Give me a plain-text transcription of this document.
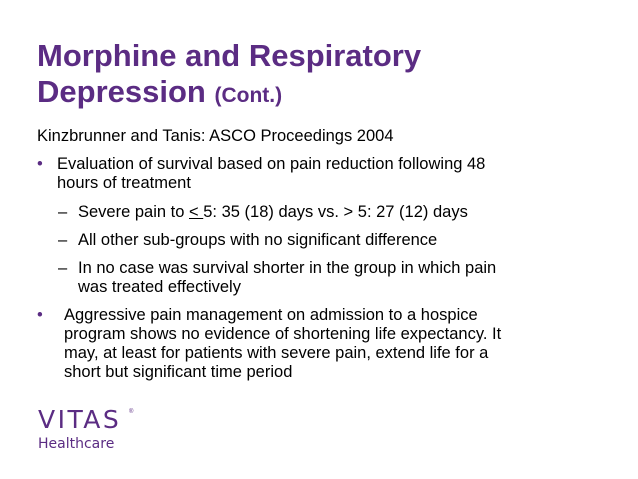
Morphine and Respiratory
Depression (Cont.)

Kinzbrunner and Tanis: ASCO Proceedings 2004

• Evaluation of survival based on pain reduction following 48
hours of treatment

– Severe pain to < 5: 35 (18) days vs. > 5: 27 (12) days

– All other sub-groups with no significant difference

– In no case was survival shorter in the group in which pain
was treated effectively

• Aggressive pain management on admission to a hospice
program shows no evidence of shortening life expectancy. It
may, at least for patients with severe pain, extend life for a
short but significant time period

VITAS	®
Healthcare
